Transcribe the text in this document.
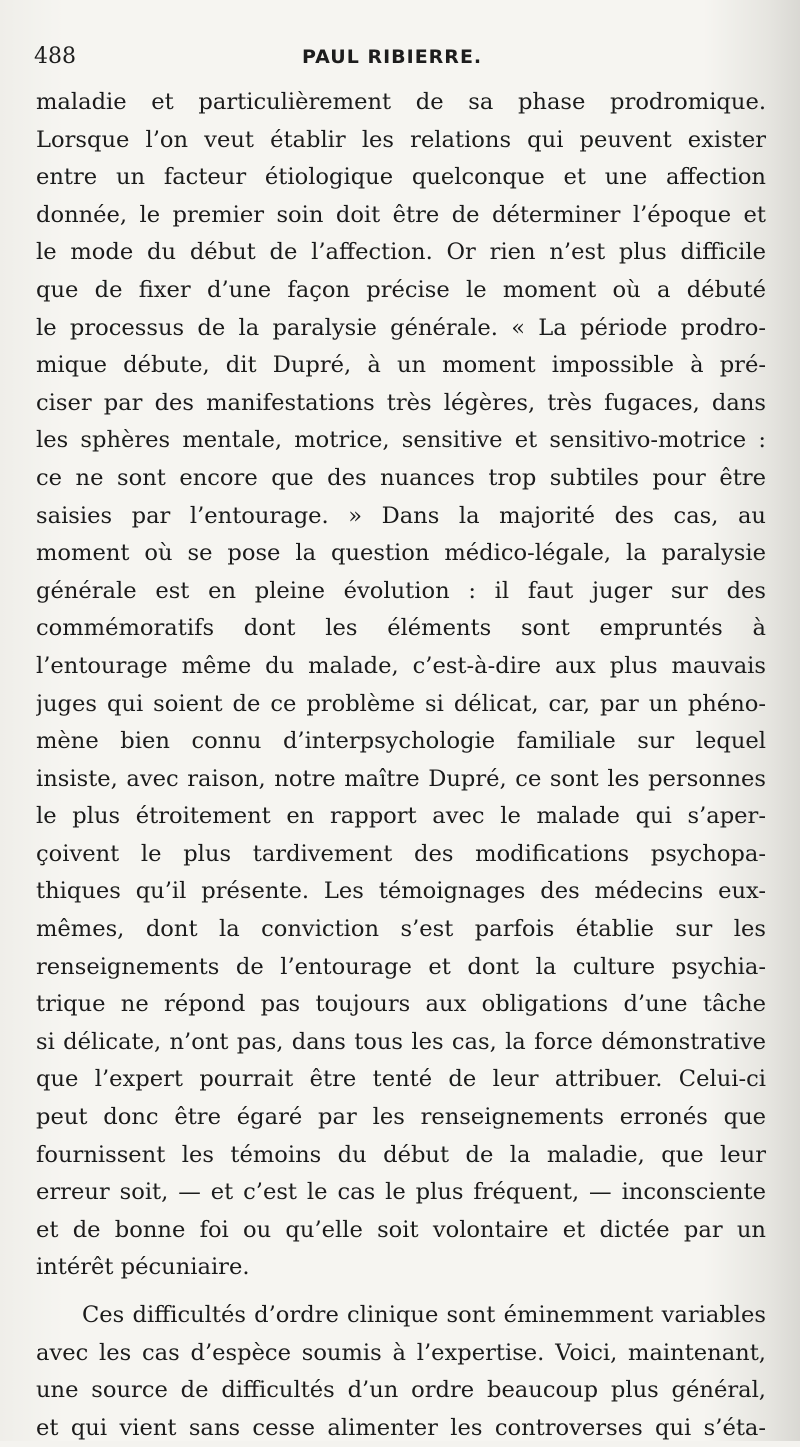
488	PAUL RIBIERRE.
maladie et particulièrement de sa phase prodromique.
Lorsque l’on veut établir les relations qui peuvent exister
entre un facteur étiologique quelconque et une affection
donnée, le premier soin doit être de déterminer l’époque et
le mode du début de l’affection. Or rien n’est plus difficile
que de fixer d’une façon précise le moment où a débuté
le processus de la paralysie générale. « La période prodro-
mique débute, dit Dupré, à un moment impossible à pré-
ciser par des manifestations très légères, très fugaces, dans
les sphères mentale, motrice, sensitive et sensitivo-motrice :
ce ne sont encore que des nuances trop subtiles pour être
saisies par l’entourage. » Dans la majorité des cas, au
moment où se pose la question médico-légale, la paralysie
générale est en pleine évolution : il faut juger sur des
commémoratifs dont les éléments sont empruntés à
l’entourage même du malade, c’est-à-dire aux plus mauvais
juges qui soient de ce problème si délicat, car, par un phéno-
mène bien connu d’interpsychologie familiale sur lequel
insiste, avec raison, notre maître Dupré, ce sont les personnes
le plus étroitement en rapport avec le malade qui s’aper-
çoivent le plus tardivement des modifications psychopa-
thiques qu’il présente. Les témoignages des médecins eux-
mêmes, dont la conviction s’est parfois établie sur les
renseignements de l’entourage et dont la culture psychia-
trique ne répond pas toujours aux obligations d’une tâche
si délicate, n’ont pas, dans tous les cas, la force démonstrative
que l’expert pourrait être tenté de leur attribuer. Celui-ci
peut donc être égaré par les renseignements erronés que
fournissent les témoins du début de la maladie, que leur
erreur soit, — et c’est le cas le plus fréquent, — inconsciente
et de bonne foi ou qu’elle soit volontaire et dictée par un
intérêt pécuniaire.
Ces difficultés d’ordre clinique sont éminemment variables
avec les cas d’espèce soumis à l’expertise. Voici, maintenant,
une source de difficultés d’un ordre beaucoup plus général,
et qui vient sans cesse alimenter les controverses qui s’éta-
